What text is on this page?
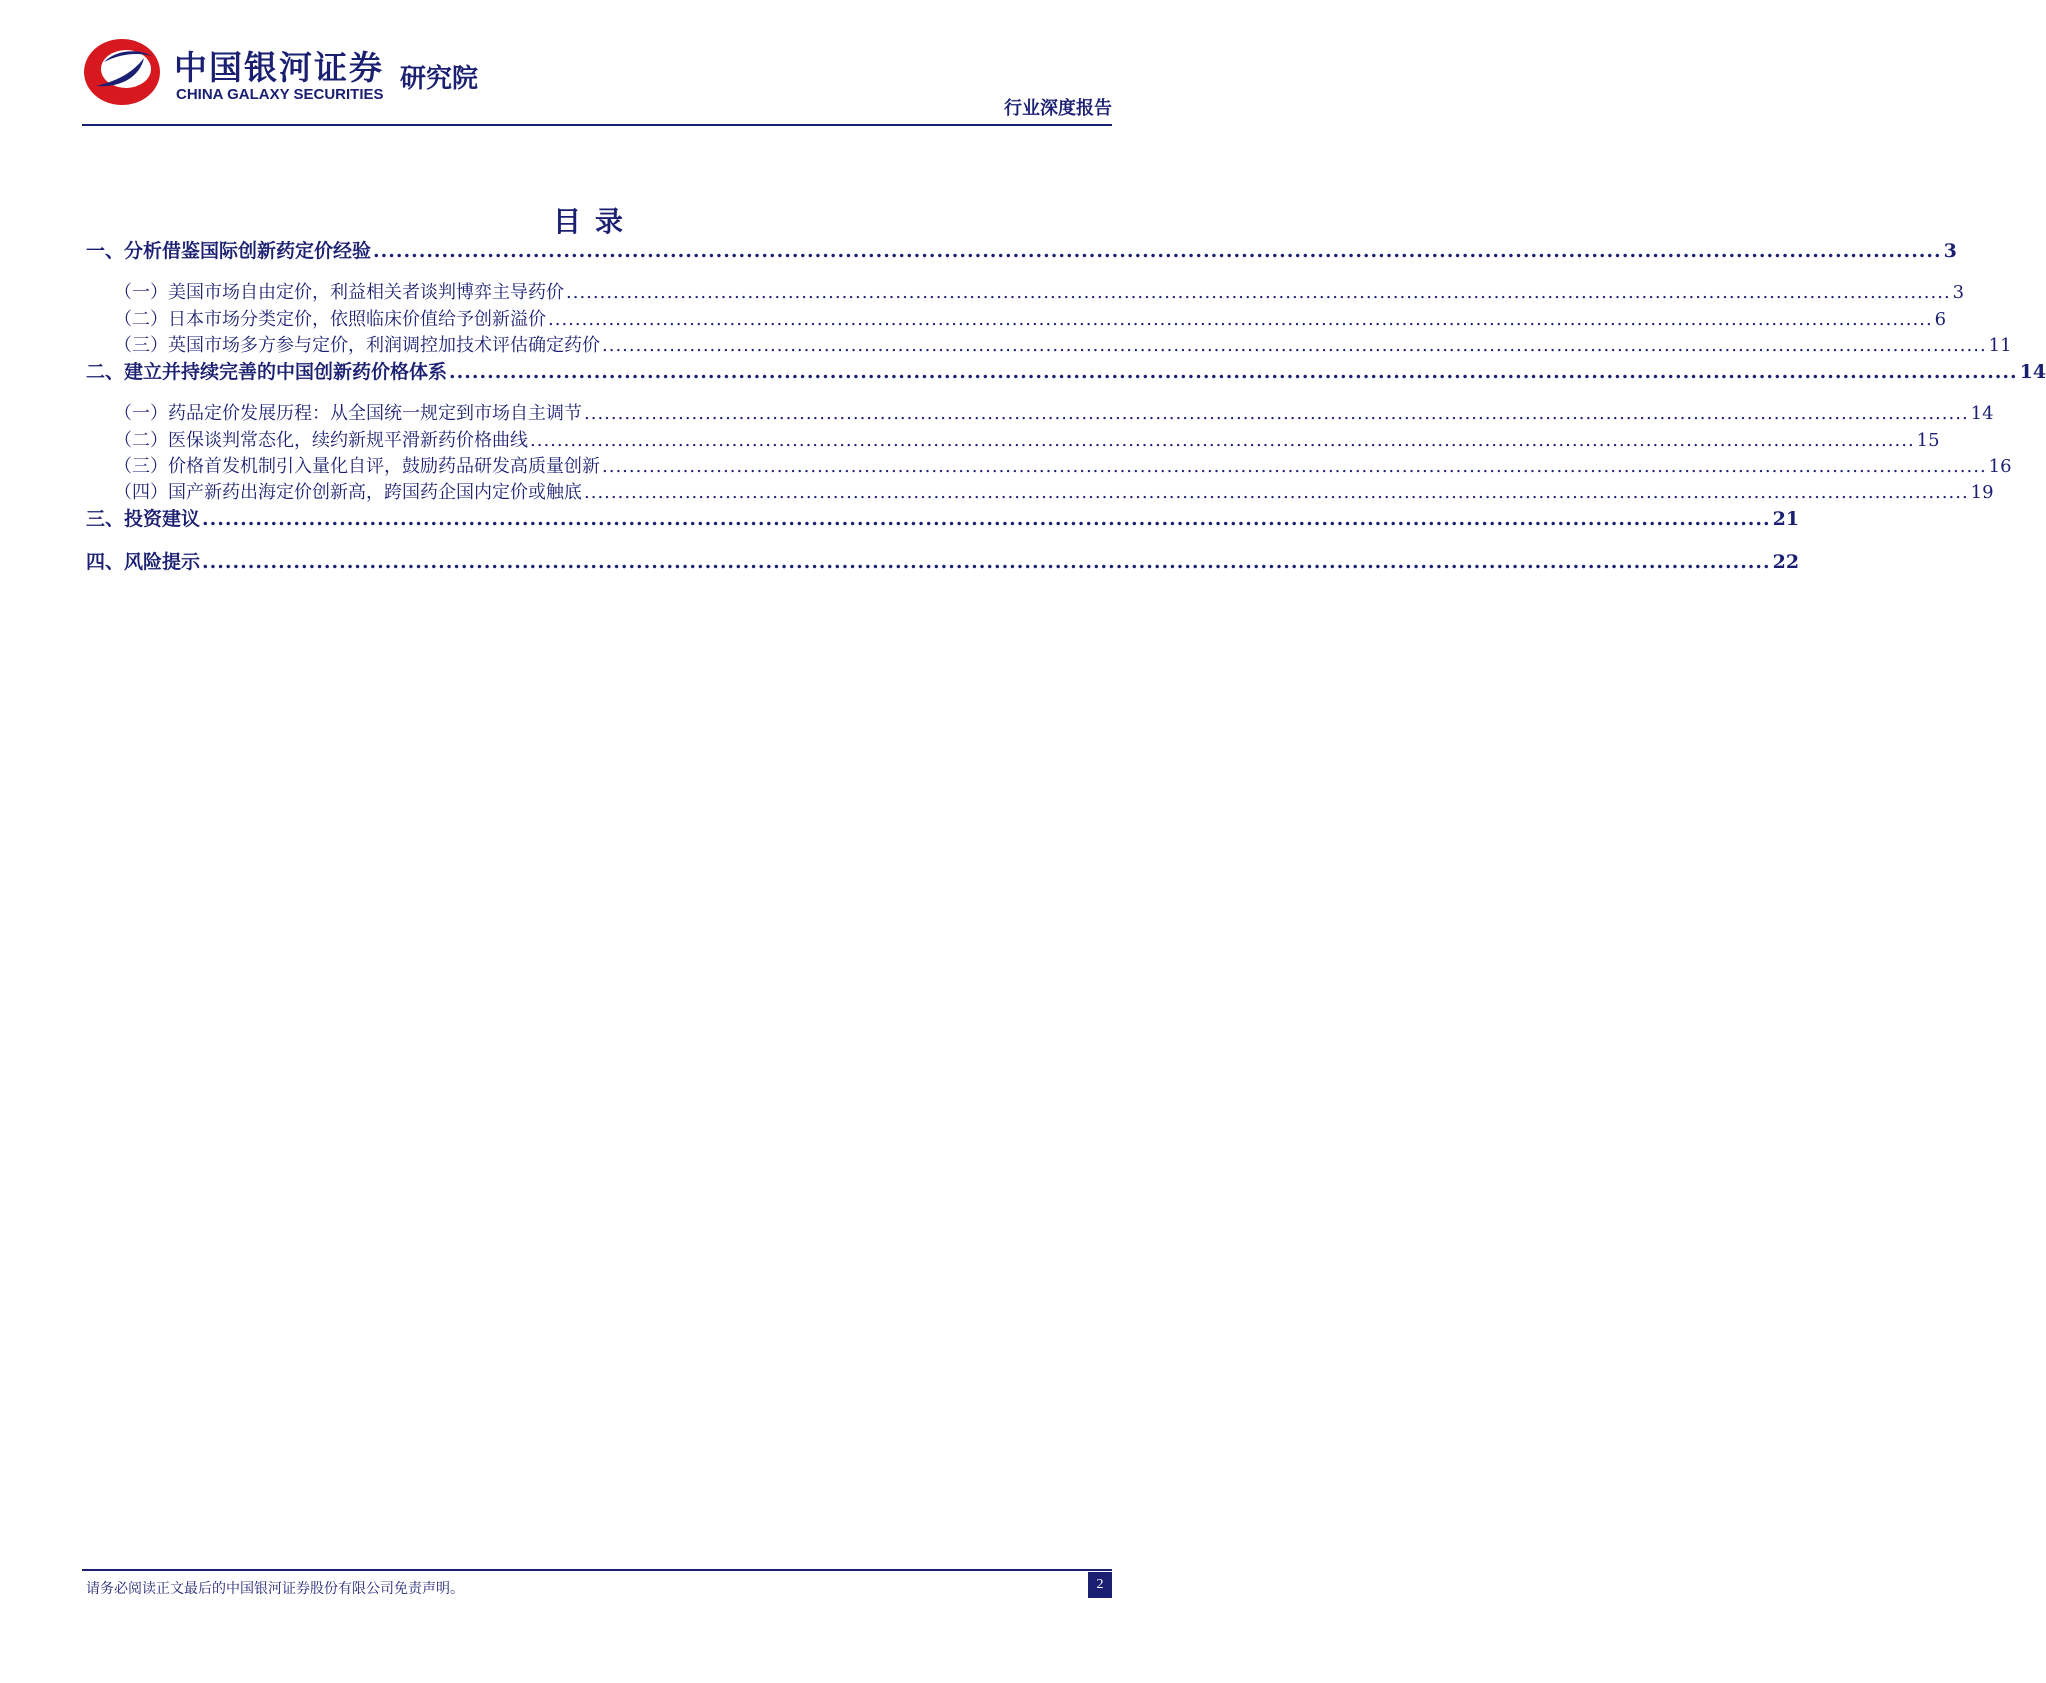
中国银河证券
CHINA GALAXY SECURITIES
研究院
行业深度报告
目录
一、分析借鉴国际创新药定价经验 .............................................................................................................................................................................................................. 3
（一）美国市场自由定价，利益相关者谈判博弈主导药价 .............................................................................................................................................................................................................. 3
（二）日本市场分类定价，依照临床价值给予创新溢价 .............................................................................................................................................................................................................. 6
（三）英国市场多方参与定价，利润调控加技术评估确定药价 .............................................................................................................................................................................................................. 11
二、建立并持续完善的中国创新药价格体系 .............................................................................................................................................................................................................. 14
（一）药品定价发展历程：从全国统一规定到市场自主调节 .............................................................................................................................................................................................................. 14
（二）医保谈判常态化，续约新规平滑新药价格曲线 .............................................................................................................................................................................................................. 15
（三）价格首发机制引入量化自评，鼓励药品研发高质量创新 .............................................................................................................................................................................................................. 16
（四）国产新药出海定价创新高，跨国药企国内定价或触底 .............................................................................................................................................................................................................. 19
三、投资建议 .............................................................................................................................................................................................................. 21
四、风险提示 .............................................................................................................................................................................................................. 22
请务必阅读正文最后的中国银河证券股份有限公司免责声明。	2
